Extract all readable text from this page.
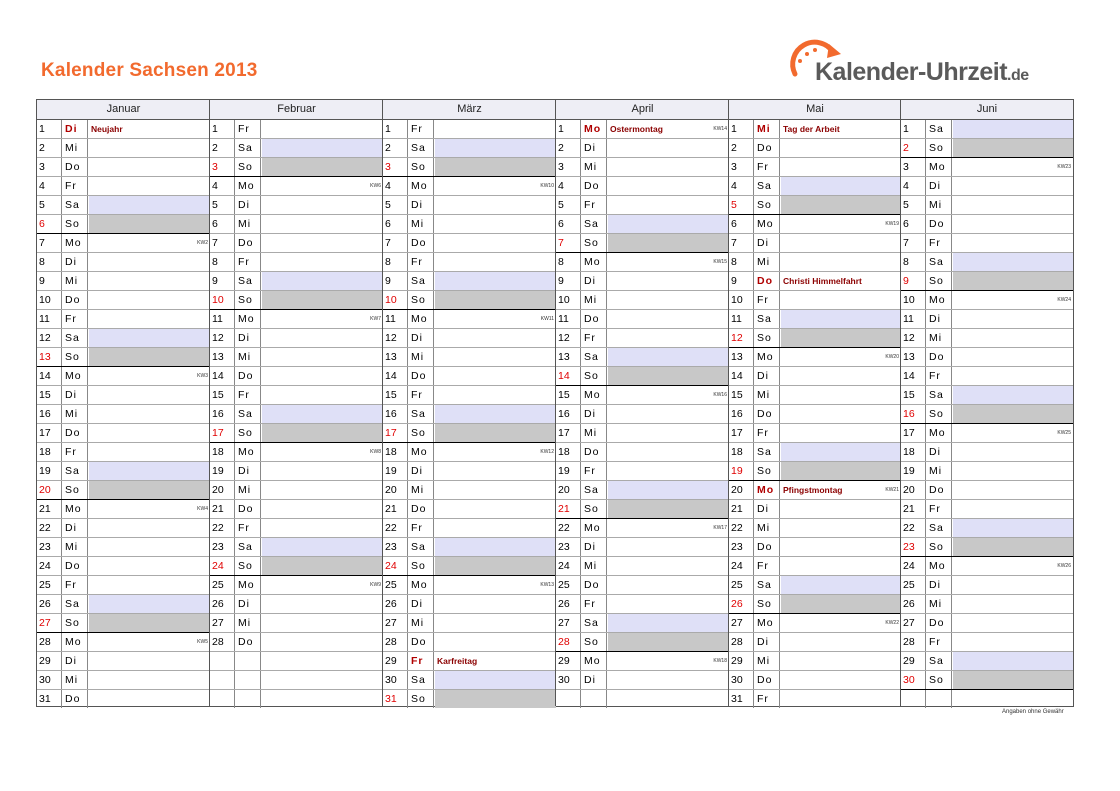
Kalender Sachsen 2013	Kalender-Uhrzeit.de
Januar
1	Di	Neujahr
2	Mi
3	Do
4	Fr
5	Sa
6	So
7	Mo	KW2
8	Di
9	Mi
10	Do
11	Fr
12	Sa
13	So
14	Mo	KW3
15	Di
16	Mi
17	Do
18	Fr
19	Sa
20	So
21	Mo	KW4
22	Di
23	Mi
24	Do
25	Fr
26	Sa
27	So
28	Mo	KW5
29	Di
30	Mi
31	Do
Februar
1	Fr
2	Sa
3	So
4	Mo	KW6
5	Di
6	Mi
7	Do
8	Fr
9	Sa
10	So
11	Mo	KW7
12	Di
13	Mi
14	Do
15	Fr
16	Sa
17	So
18	Mo	KW8
19	Di
20	Mi
21	Do
22	Fr
23	Sa
24	So
25	Mo	KW9
26	Di
27	Mi
28	Do
März
1	Fr
2	Sa
3	So
4	Mo	KW10
5	Di
6	Mi
7	Do
8	Fr
9	Sa
10	So
11	Mo	KW11
12	Di
13	Mi
14	Do
15	Fr
16	Sa
17	So
18	Mo	KW12
19	Di
20	Mi
21	Do
22	Fr
23	Sa
24	So
25	Mo	KW13
26	Di
27	Mi
28	Do
29	Fr	Karfreitag
30	Sa
31	So
April
1	Mo	Ostermontag	KW14
2	Di
3	Mi
4	Do
5	Fr
6	Sa
7	So
8	Mo	KW15
9	Di
10	Mi
11	Do
12	Fr
13	Sa
14	So
15	Mo	KW16
16	Di
17	Mi
18	Do
19	Fr
20	Sa
21	So
22	Mo	KW17
23	Di
24	Mi
25	Do
26	Fr
27	Sa
28	So
29	Mo	KW18
30	Di
Mai
1	Mi	Tag der Arbeit
2	Do
3	Fr
4	Sa
5	So
6	Mo	KW19
7	Di
8	Mi
9	Do	Christi Himmelfahrt
10	Fr
11	Sa
12	So
13	Mo	KW20
14	Di
15	Mi
16	Do
17	Fr
18	Sa
19	So
20	Mo	Pfingstmontag	KW21
21	Di
22	Mi
23	Do
24	Fr
25	Sa
26	So
27	Mo	KW22
28	Di
29	Mi
30	Do
31	Fr
Juni
1	Sa
2	So
3	Mo	KW23
4	Di
5	Mi
6	Do
7	Fr
8	Sa
9	So
10	Mo	KW24
11	Di
12	Mi
13	Do
14	Fr
15	Sa
16	So
17	Mo	KW25
18	Di
19	Mi
20	Do
21	Fr
22	Sa
23	So
24	Mo	KW26
25	Di
26	Mi
27	Do
28	Fr
29	Sa
30	So
Angaben ohne Gewähr
